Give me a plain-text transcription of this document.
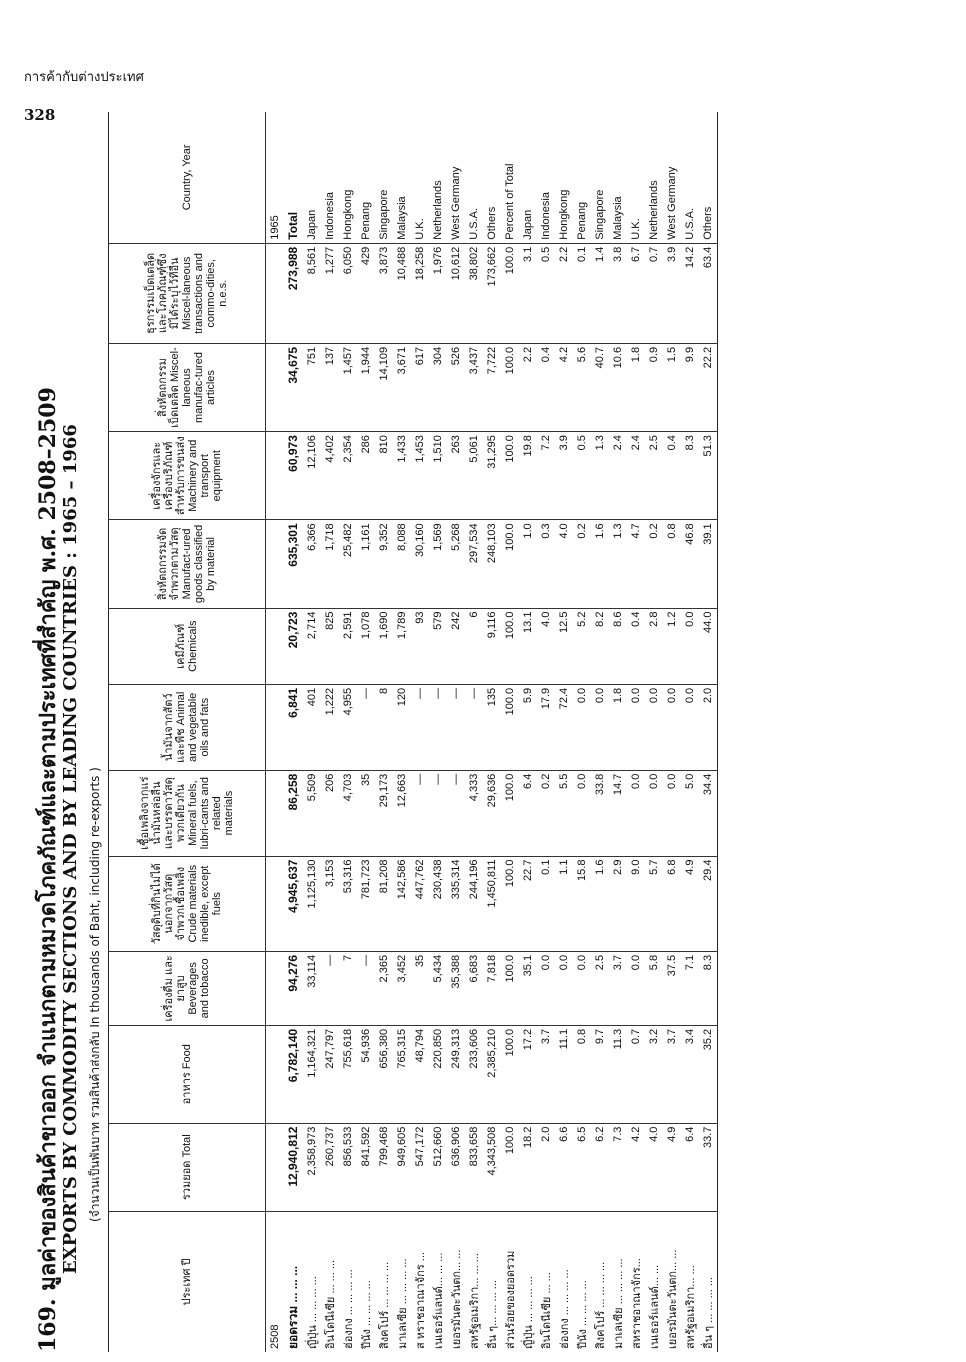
การค้ากับต่างประเทศ
328
169. มูลค่าของสินค้าขาออก จำแนกตามหมวดโภคภัณฑ์และตามประเทศที่สำคัญ พ.ศ. 2508–2509 EXPORTS BY COMMODITY SECTIONS AND BY LEADING COUNTRIES : 1965 – 1966 (จำนวนเป็นพันบาท รวมสินค้าส่งกลับ In thousands of Baht, including re-exports )
ประเทศ ปี	รวมยอด Total	อาหาร Food	เครื่องดื่ม และยาสูบ Beverages and tobacco	วัสดุดิบที่กินไม่ได้ นอกจากวัสดุจำพวกเชื้อเพลิง Crude materials inedible, except fuels	เชื้อเพลิงจากแร่ น้ำมันหล่อลื่น และบรรดาวัสดุพวกเดียวกัน Mineral fuels, lubri-cants and related materials	น้ำมันจากสัตว์ และพืช Animal and vegetable oils and fats	เคมีภัณฑ์ Chemicals	สิ่งหัตถกรรมจัดจำพวกตามวัสดุ Manufact-ured goods classified by material	เครื่องจักรและเครื่องบริภัณฑ์สำหรับการขนส่ง Machinery and transport equipment	สิ่งหัตถกรรมเบ็ดเตล็ด Miscel-laneous manufac-tured articles	ธุรกรรมเบ็ดเตล็ดและโภคภัณฑ์ซึ่งมิได้ระบุไว้ที่อื่น Miscel-laneous transactions and commo-dities, n.e.s.	Country, Year
2508												1965
ยอดรวม ... ... ...	12,940,812	6,782,140	94,276	4,945,637	86,258	6,841	20,723	635,301	60,973	34,675	273,988	Total
ญี่ปุ่น ... ... ... ...	2,358,973	1,164,321	33,114	1,125,130	5,509	401	2,714	6,366	12,106	751	8,561	Japan
อินโดนีเซีย ... ... ...	260,737	247,797	—	3,153	206	1,222	825	1,718	4,402	137	1,277	Indonesia
ฮ่องกง ... ... ... ...	856,533	755,618	7	53,316	4,703	4,955	2,591	25,482	2,354	1,457	6,050	Hongkong
ปีนัง ... ... ... ...	841,592	54,936	—	781,723	35	—	1,078	1,161	286	1,944	429	Penang
สิงคโปร์ ... ... ... ...	799,468	656,380	2,365	81,208	29,173	8	1,690	9,352	810	14,109	3,873	Singapore
มาเลเซีย ... ... ... ...	949,605	765,315	3,452	142,586	12,663	120	1,789	8,088	1,433	3,671	10,488	Malaysia
ส หราชอาณาจักร ...	547,172	48,794	35	447,762	—	—	93	30,160	1,453	617	18,258	U.K.
เนเธอร์แลนด์... ... ...	512,660	220,850	5,434	230,438	—	—	579	1,569	1,510	304	1,976	Netherlands
เยอรมันตะวันตก... ...	636,906	249,313	35,388	335,314	—	—	242	5,268	263	526	10,612	West Germany
สหรัฐอเมริกา... ... ...	833,658	233,606	6,683	244,196	4,333	—	6	297,534	5,061	3,437	38,802	U.S.A.
อื่น ๆ... ... ... ...	4,343,508	2,385,210	7,818	1,450,811	29,636	135	9,116	248,103	31,295	7,722	173,662	Others
ส่วนร้อยของยอดรวม	100.0	100.0	100.0	100.0	100.0	100.0	100.0	100.0	100.0	100.0	100.0	Percent of Total
ญี่ปุ่น ... ... ... ...	18.2	17.2	35.1	22.7	6.4	5.9	13.1	1.0	19.8	2.2	3.1	Japan
อินโดนีเซีย ... ...	2.0	3.7	0.0	0.1	0.2	17.9	4.0	0.3	7.2	0.4	0.5	Indonesia
ฮ่องกง ... ... ... ...	6.6	11.1	0.0	1.1	5.5	72.4	12.5	4.0	3.9	4.2	2.2	Hongkong
ปีนัง ... ... ... ...	6.5	0.8	0.0	15.8	0.0	0.0	5.2	0.2	0.5	5.6	0.1	Penang
สิงคโปร์ ... ... ... ...	6.2	9.7	2.5	1.6	33.8	0.0	8.2	1.6	1.3	40.7	1.4	Singapore
มาเลเซีย ... ... ... ...	7.3	11.3	3.7	2.9	14.7	1.8	8.6	1.3	2.4	10.6	3.8	Malaysia
สหราชอาณาจักร...	4.2	0.7	0.0	9.0	0.0	0.0	0.4	4.7	2.4	1.8	6.7	U.K.
เนเธอร์แลนด์... ...	4.0	3.2	5.8	5.7	0.0	0.0	2.8	0.2	2.5	0.9	0.7	Netherlands
เยอรมันตะวันตก... ...	4.9	3.7	37.5	6.8	0.0	0.0	1.2	0.8	0.4	1.5	3.9	West Germany
สหรัฐอเมริกา... ...	6.4	3.4	7.1	4.9	5.0	0.0	0.0	46.8	8.3	9.9	14.2	U.S.A.
อื่น ๆ ... ... ... ...	33.7	35.2	8.3	29.4	34.4	2.0	44.0	39.1	51.3	22.2	63.4	Others
